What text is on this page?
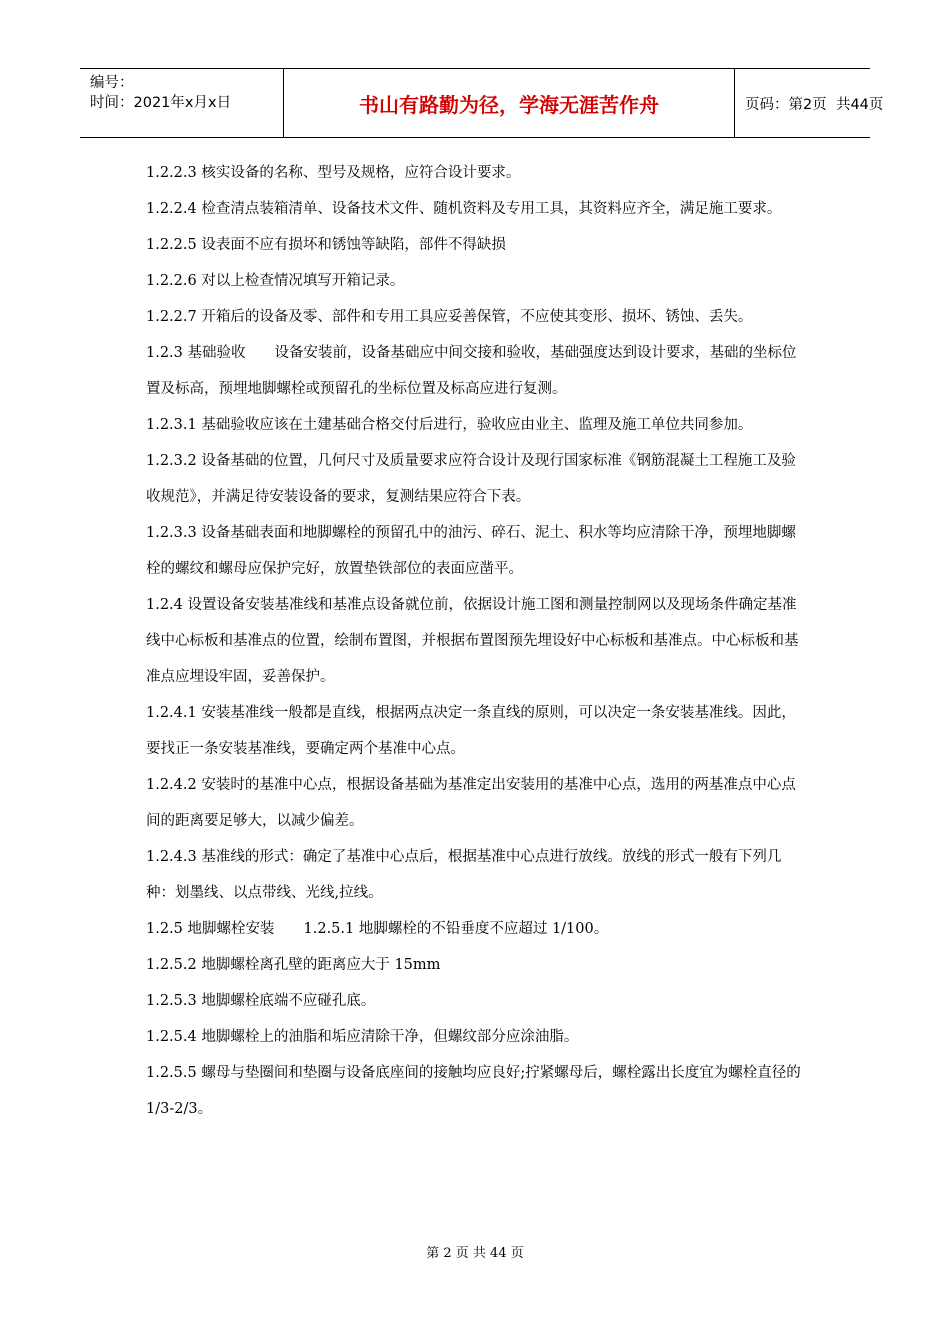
编号：
时间：2021年x月x日	书山有路勤为径，学海无涯苦作舟	页码：第2页  共44页

1.2.2.3 核实设备的名称、型号及规格，应符合设计要求。

1.2.2.4 检查清点装箱清单、设备技术文件、随机资料及专用工具，其资料应齐全，满足施工要求。

1.2.2.5 设表面不应有损坏和锈蚀等缺陷，部件不得缺损

1.2.2.6 对以上检查情况填写开箱记录。

1.2.2.7 开箱后的设备及零、部件和专用工具应妥善保管，不应使其变形、损坏、锈蚀、丢失。

1.2.3 基础验收　　设备安装前，设备基础应中间交接和验收，基础强度达到设计要求，基础的坐标位置及标高，预埋地脚螺栓或预留孔的坐标位置及标高应进行复测。

1.2.3.1 基础验收应该在土建基础合格交付后进行，验收应由业主、监理及施工单位共同参加。

1.2.3.2 设备基础的位置，几何尺寸及质量要求应符合设计及现行国家标准《钢筋混凝土工程施工及验收规范》，并满足待安装设备的要求，复测结果应符合下表。

1.2.3.3 设备基础表面和地脚螺栓的预留孔中的油污、碎石、泥土、积水等均应清除干净，预埋地脚螺栓的螺纹和螺母应保护完好，放置垫铁部位的表面应凿平。

1.2.4 设置设备安装基准线和基准点设备就位前，依据设计施工图和测量控制网以及现场条件确定基准线中心标板和基准点的位置，绘制布置图，并根据布置图预先埋设好中心标板和基准点。中心标板和基准点应埋设牢固，妥善保护。

1.2.4.1 安装基准线一般都是直线，根据两点决定一条直线的原则，可以决定一条安装基准线。因此，要找正一条安装基准线，要确定两个基准中心点。

1.2.4.2 安装时的基准中心点，根据设备基础为基准定出安装用的基准中心点，选用的两基准点中心点间的距离要足够大，以减少偏差。

1.2.4.3 基准线的形式：确定了基准中心点后，根据基准中心点进行放线。放线的形式一般有下列几种：划墨线、以点带线、光线,拉线。

1.2.5 地脚螺栓安装　　1.2.5.1 地脚螺栓的不铅垂度不应超过 1/100。

1.2.5.2 地脚螺栓离孔壁的距离应大于 15mm

1.2.5.3 地脚螺栓底端不应碰孔底。

1.2.5.4 地脚螺栓上的油脂和垢应清除干净，但螺纹部分应涂油脂。

1.2.5.5 螺母与垫圈间和垫圈与设备底座间的接触均应良好;拧紧螺母后，螺栓露出长度宜为螺栓直径的 1/3-2/3。

第 2 页 共 44 页
